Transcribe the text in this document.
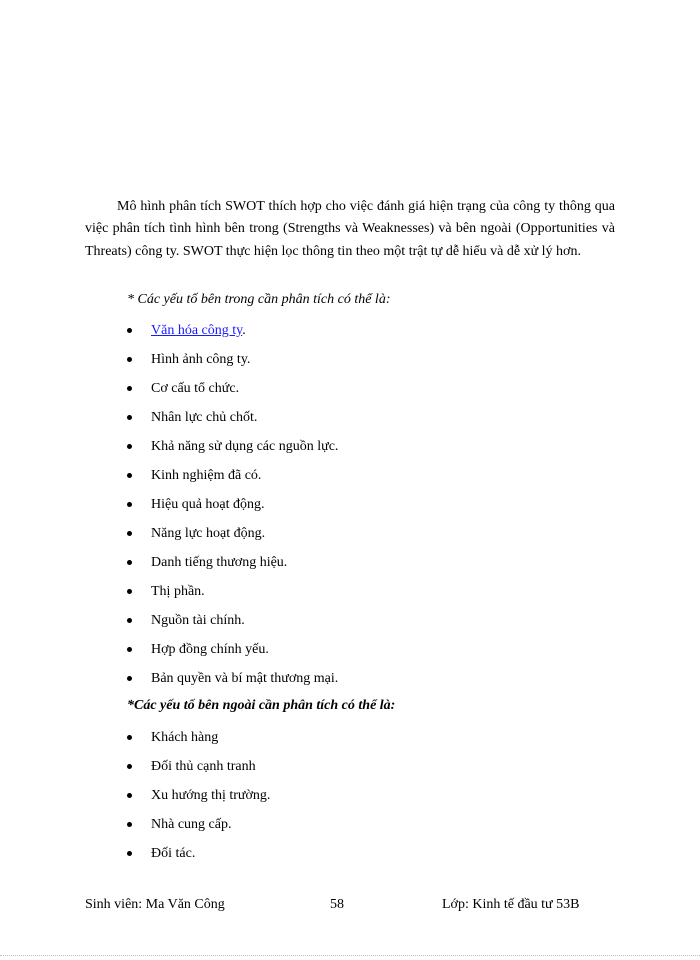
Mô hình phân tích SWOT thích hợp cho việc đánh giá hiện trạng của công ty thông qua việc phân tích tình hình bên trong (Strengths và Weaknesses) và bên ngoài (Opportunities và Threats) công ty. SWOT thực hiện lọc thông tin theo một trật tự dễ hiểu và dễ xử lý hơn.

* Các yếu tố bên trong cần phân tích có thể là:

Văn hóa công ty.
Hình ảnh công ty.
Cơ cấu tổ chức.
Nhân lực chủ chốt.
Khả năng sử dụng các nguồn lực.
Kinh nghiệm đã có.
Hiệu quả hoạt động.
Năng lực hoạt động.
Danh tiếng thương hiệu.
Thị phần.
Nguồn tài chính.
Hợp đồng chính yếu.
Bản quyền và bí mật thương mại.

*Các yếu tố bên ngoài cần phân tích có thể là:

Khách hàng
Đối thủ cạnh tranh
Xu hướng thị trường.
Nhà cung cấp.
Đối tác.
Sinh viên: Ma Văn Công	58	Lớp: Kinh tế đầu tư 53B
